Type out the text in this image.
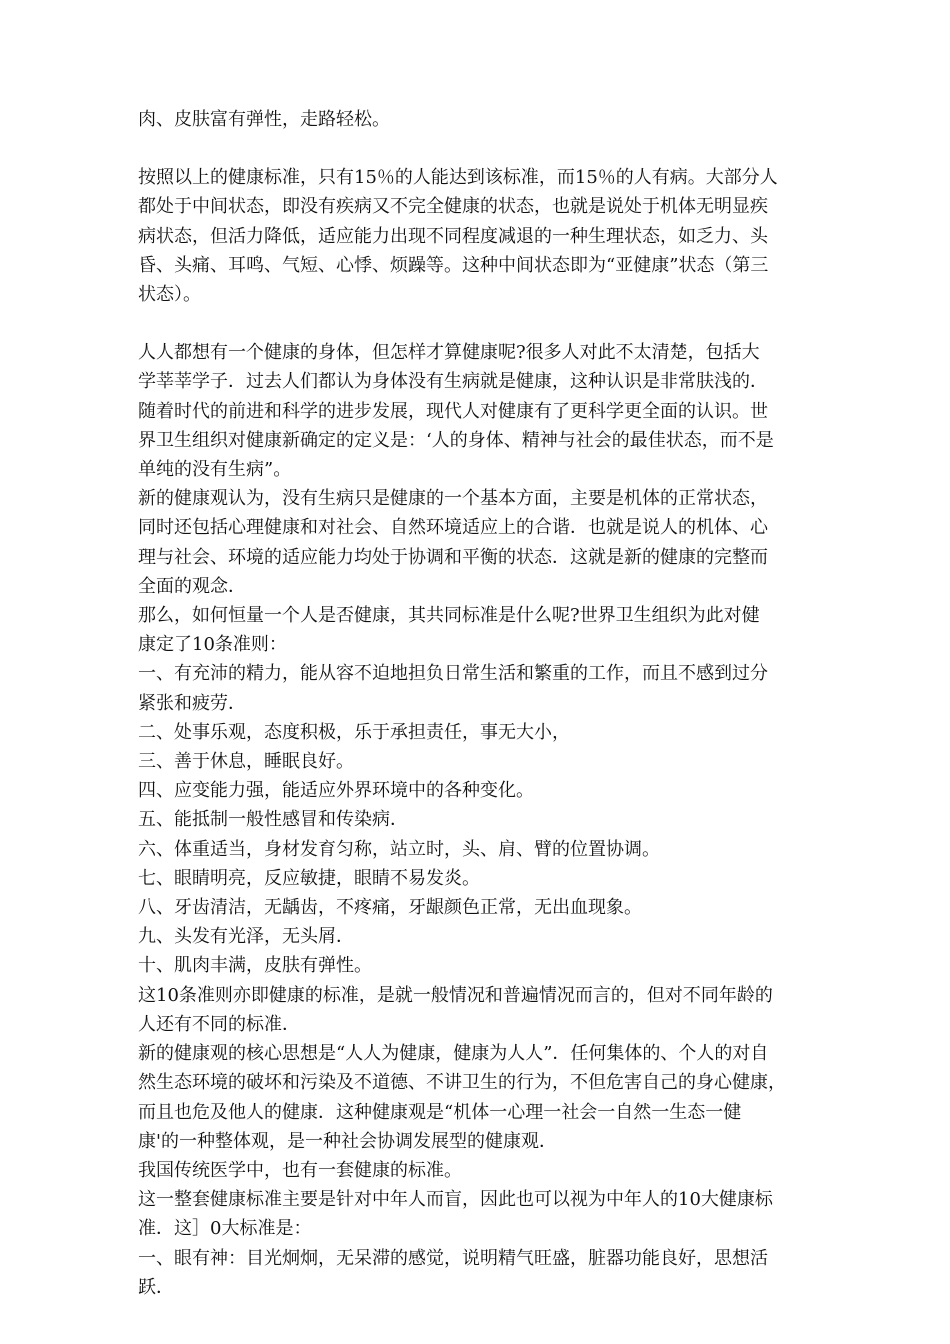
肉、皮肤富有弹性，走路轻松。

按照以上的健康标准，只有15％的人能达到该标准，而15％的人有病。大部分人
都处于中间状态，即没有疾病又不完全健康的状态，也就是说处于机体无明显疾
病状态，但活力降低，适应能力出现不同程度减退的一种生理状态，如乏力、头
昏、头痛、耳鸣、气短、心悸、烦躁等。这种中间状态即为“亚健康”状态（第三
状态）。

人人都想有一个健康的身体，但怎样才算健康呢?很多人对此不太清楚，包括大
学莘莘学子．过去人们都认为身体没有生病就是健康，这种认识是非常肤浅的．
随着时代的前进和科学的进步发展，现代人对健康有了更科学更全面的认识。世
界卫生组织对健康新确定的定义是：‘人的身体、精神与社会的最佳状态，而不是
单纯的没有生病”。

新的健康观认为，没有生病只是健康的一个基本方面，主要是机体的正常状态，
同时还包括心理健康和对社会、自然环境适应上的合谐．也就是说人的机体、心
理与社会、环境的适应能力均处于协调和平衡的状态．这就是新的健康的完整而
全面的观念．

那么，如何恒量一个人是否健康，其共同标准是什么呢?世界卫生组织为此对健
康定了10条准则：

一、有充沛的精力，能从容不迫地担负日常生活和繁重的工作，而且不感到过分
紧张和疲劳．

二、处事乐观，态度积极，乐于承担责任，事无大小，

三、善于休息，睡眠良好。

四、应变能力强，能适应外界环境中的各种变化。

五、能抵制一般性感冒和传染病．

六、体重适当，身材发育匀称，站立时，头、肩、臂的位置协调。

七、眼睛明亮，反应敏捷，眼睛不易发炎。

八、牙齿清洁，无龋齿，不疼痛，牙龈颜色正常，无出血现象。

九、头发有光泽，无头屑．

十、肌肉丰满，皮肤有弹性。

这10条准则亦即健康的标准，是就一般情况和普遍情况而言的，但对不同年龄的
人还有不同的标准．

新的健康观的核心思想是“人人为健康，健康为人人”．任何集体的、个人的对自
然生态环境的破坏和污染及不道德、不讲卫生的行为，不但危害自己的身心健康，
而且也危及他人的健康．这种健康观是“机体一心理一社会一自然一生态一健
康'的一种整体观，是一种社会协调发展型的健康观．

我国传统医学中，也有一套健康的标准。

这一整套健康标准主要是针对中年人而盲，因此也可以视为中年人的10大健康标
准．这］0大标准是：

一、眼有神：目光炯炯，无呆滞的感觉，说明精气旺盛，脏器功能良好，思想活
跃．
